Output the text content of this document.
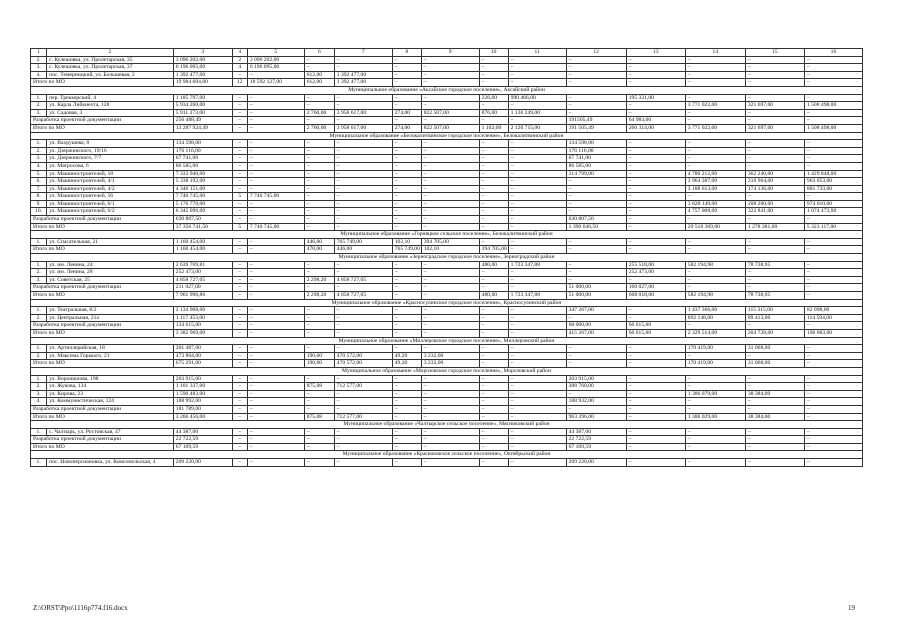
1	2	3	4	5	6	7	8	9	10	11	12	13	14	15	16
2.	с. Кулешовка, ул. Пролетарская, 35	3 096 202,00	2	3 096 202,00	–	–	–	–	–	–	–	–	–	–	–
3.	с. Кулешовка, ул. Пролетарская, 37	6 196 095,00	4	6 196 095,00	–	–	–	–	–	–	–	–	–	–	–
4.	пос. Темерницкий, ул. Большевая, 2	1 392 477,00	–	–	612,00	1 392 477,00	–	–	–	–	–	–	–	–	–
Итого по МО		19 984 604,00	12	18 592 127,00	612,00	1 392 477,00	–	–	–	–	–	–	–	–	–
Муниципальное образование «Аксайское городское поселение», Аксайский район															
1.	пер. Треккерский, 4	1 185 797,00	–	–	–	–	–	–	226,00	990 466,00	–	195 331,00	–	–	–
2.	ул. Карла Либкнехта, 128	5 934 260,00	–	–	–	–	–	–	–	–	–	–	3 771 022,00	321 697,00	1 508 498,00
3.	ул. Садовая, 3	5 911 373,00	–	–	2 760,00	3 958 617,00	274,00	822 507,00	876,00	1 130 249,00	–	–	–	–	–
Разработка проектной документации		256 488,49	–	–	–	–	–	–	–	–	191505,49	64 983,00	–	–	–
Итого по МО		13 287 924,49	–	–	2 760,00	3 958 617,00	274,00	822 507,00	1 102,00	2 120 715,00	191 505,49	260 314,00	3 771 022,00	321 697,00	1 508 498,00
Муниципальное образование «Белокалитвинское городское поселение», Белокалитвинский район															
1.	ул. Вахрушева, 8	134 598,00	–	–	–	–	–	–	–	–	134 598,00	–	–	–	–
2.	ул. Дзержинского, 19/16	176 116,00	–	–	–	–	–	–	–	–	176 116,00	–	–	–	–
3.	ул. Дзержинского, 7/7	67 741,00	–	–	–	–	–	–	–	–	67 741,00	–	–	–	–
4.	ул. Матросова, 6	86 585,00	–	–	–	–	–	–	–	–	86 585,00	–	–	–	–
5.	ул. Машиностроителей, 18	7 333 940,00	–	–	–	–	–	–	–	–	314 799,00	–	4 780 212,00	362 240,00	1 429 848,00
6.	ул. Машиностроителей, 4/1	5 338 192,00	–	–	–	–	–	–	–	–	–	–	3 964 387,00	210 964,00	963 053,00
7.	ул. Машиностроителей, 4/2	4 346 151,00	–	–	–	–	–	–	–	–	–	–	3 188 613,00	174 136,00	881 733,00
8.	ул. Машиностроителей, 56	7 740 745,00	5	7 740 745,00	–	–	–	–	–	–	–	–	–	–	–
9.	ул. Машиностроителей, 6/1	5 176 770,00	–	–	–	–	–	–	–	–	–	–	3 828 149,00	208 200,00	974 010,00
10.	ул. Машиностроителей, 6/2	6 345 096,00	–	–	–	–	–	–	–	–	–	–	4 757 008,00	322 841,00	1 074 473,00
Разработка проектной документации		630 807,50	–	–	–	–	–	–	–	–	630 807,50	–	–	–	–
Итого по МО		37 356 741,50	5	7 740 745,00	–	–	–	–	–	–	1 390 646,50	–	20 518 369,00	1 278 381,00	5 323 117,00
Муниципальное образование «Горняцкое сельское поселение», Белокалитвинский район															
1.	ул. Спасательная, 21	1 160 454,00	–	–	446,00	765 749,00	102,10	394 705,00	–	–	–	–	–	–	–
Итого по МО		1 160 454,00	–	–	470,00	446,00	765 749,00	102,10	394 705,00	–	–	–	–	–	–
Муниципальное образование «Зерноградское городское поселение», Зерноградский район															
1.	ул. им. Ленина, 24	2 639 769,81	–	–	–	–	–	–	480,00	1 723 347,88	–	255 518,00	582 194,98	78 738,95	–
2.	ул. им. Ленина, 28	252 473,00	–	–	–	–	–	–	–	–	–	252 473,00	–	–	–
3.	ул. Советская, 25	4 858 727,05	–	–	2 298,20	4 858 727,05	–	–	–	–	–	–	–	–	–
Разработка проектной документации		211 027,00	–	–	–	–	–	–	–	–	51 000,00	160 027,00	–	–	–
Итого по МО		7 961 996,86	–	–	2 298,20	4 858 727,05	–	–	480,00	1 723 347,88	51 000,00	668 018,00	582 194,98	78 738,95	–
Муниципальное образование «Красносулинское городское поселение», Красносулинский район															
1.	ул. Театральная, 8/2	2 134 908,00	–	–	–	–	–	–	–	–	347 267,00	–	1 437 366,00	115 315,00	82 098,00
2.	ул. Центральная, 21а	1 117 453,00	–	–	–	–	–	–	–	–	–	–	892 148,00	89 413,00	114 594,00
Разработка проектной документации		134 615,00	–	–	–	–	–	–	–	–	68 000,00	66 615,00	–	–	–
Итого по МО		3 382 969,00	–	–	–	–	–	–	–	–	415 267,00	66 615,00	2 329 514,00	204 728,00	196 683,00
Муниципальное образование «Миллеровское городское поселение», Миллеровский район															
1.	ул. Артиллерийская, 18	201 487,00	–	–	–	–	–	–	–	–	–	–	170 419,00	31 068,00	–
2.	ул. Максима Горького, 21	473 804,00	–	–	190,60	470 572,00	49,20	3 232,00	–	–	–	–	–	–	–
Итого по МО		675 291,00	–	–	190,60	470 572,00	49,20	3 232,00	–	–	–	–	170 419,00	31 068,00	–
Муниципальное образование «Морозовское городское поселение», Морозовский район															
1.	ул. Ворошилова, 198	203 915,00	–	–	–	–	–	–	–	–	203 915,00	–	–	–	–
2.	ул. Жукова, 134	1 101 337,00	–	–	875,08	712 577,00	–	–	–	–	388 760,00	–	–	–	–
3.	ул. Кирова, 23	1 590 483,00	–	–	–	–	–	–	–	–	–	–	1 386 079,00	38 384,00	–
4.	ул. Коммунистическая, 124	188 992,00	–	–	–	–	–	–	–	–	188 932,00	–	–	–	–
Разработка проектной документации		181 789,00	–	–	–	–	–	–	–	–	–	–	–	–	–
Итого по МО		3 266 456,00	–	–	875,08	712 577,00	–	–	–	–	963 396,00	–	1 386 029,00	38 384,00	–
Муниципальное образование «Чалтырское сельское поселение», Мясниковский район															
1.	с. Чалтырь, ул. Ростовская, 47	44 387,00	–	–	–	–	–	–	–	–	44 387,00	–	–	–	–
Разработка проектной документации		22 722,59	–	–	–	–	–	–	–	–	22 722,59	–	–	–	–
Итого по МО		67 109,59	–	–	–	–	–	–	–	–	67 109,59	–	–	–	–
Муниципальное образование «Красюковское сельское поселение», Октябрьский район															
1.	пос. Новоперсиановка, ул. Комсомольская, 4	209 220,00	–	–	–	–	–	–	–	–	209 220,00	–	–	–	–
Z:\ORST\Ppo\1116p774.f16.docx	19
